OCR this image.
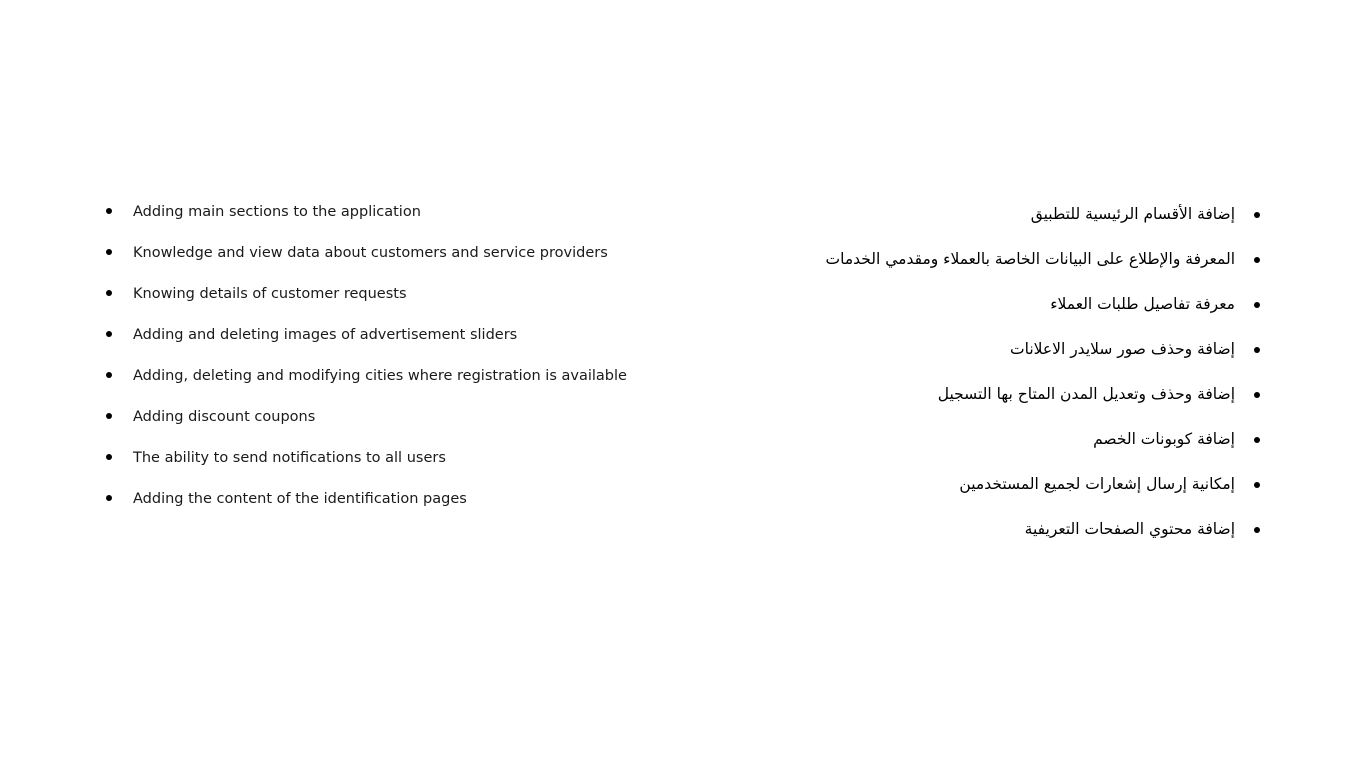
Adding main sections to the application
Knowledge and view data about customers and service providers
Knowing details of customer requests
Adding and deleting images of advertisement sliders
Adding, deleting and modifying cities where registration is available
Adding discount coupons
The ability to send notifications to all users
Adding the content of the identification pages
إضافة الأقسام الرئيسية للتطبيق
المعرفة والإطلاع على البيانات الخاصة بالعملاء ومقدمي الخدمات
معرفة تفاصيل طلبات العملاء
إضافة وحذف صور سلايدر الاعلانات
إضافة وحذف وتعديل المدن المتاح بها التسجيل
إضافة كوبونات الخصم
إمكانية إرسال إشعارات لجميع المستخدمين
إضافة محتوي الصفحات التعريفية
